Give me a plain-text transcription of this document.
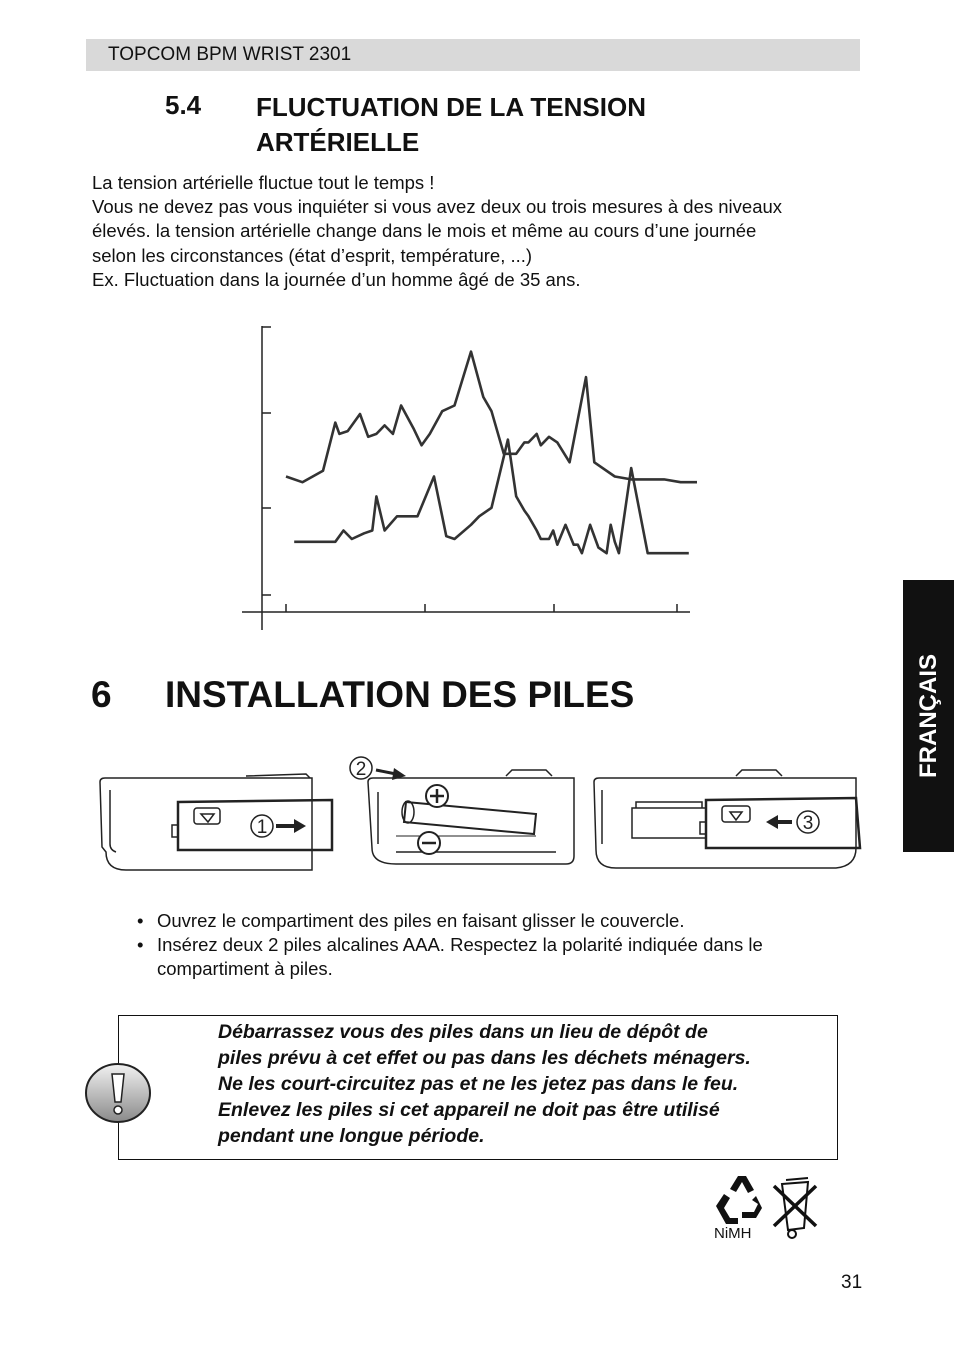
TOPCOM BPM WRIST 2301
5.4 FLUCTUATION DE LA TENSION
ARTÉRIELLE
La tension artérielle fluctue tout le temps !
Vous ne devez pas vous inquiéter si vous avez deux ou trois mesures à des niveaux
élevés. la tension artérielle change dans le mois et même au cours d’une journée
selon les circonstances (état d’esprit, température, ...)
Ex. Fluctuation dans la journée d’un homme âgé de 35 ans.
6 INSTALLATION DES PILES
1
2
3
• Ouvrez le compartiment des piles en faisant glisser le couvercle.
• Insérez deux 2 piles alcalines AAA. Respectez la polarité indiquée dans le compartiment à piles.
Débarrassez vous des piles dans un lieu de dépôt de
piles prévu à cet effet ou pas dans les déchets ménagers.
Ne les court-circuitez pas et ne les jetez pas dans le feu.
Enlevez les piles si cet appareil ne doit pas être utilisé
pendant une longue période.
NiMH
FRANÇAIS
31
